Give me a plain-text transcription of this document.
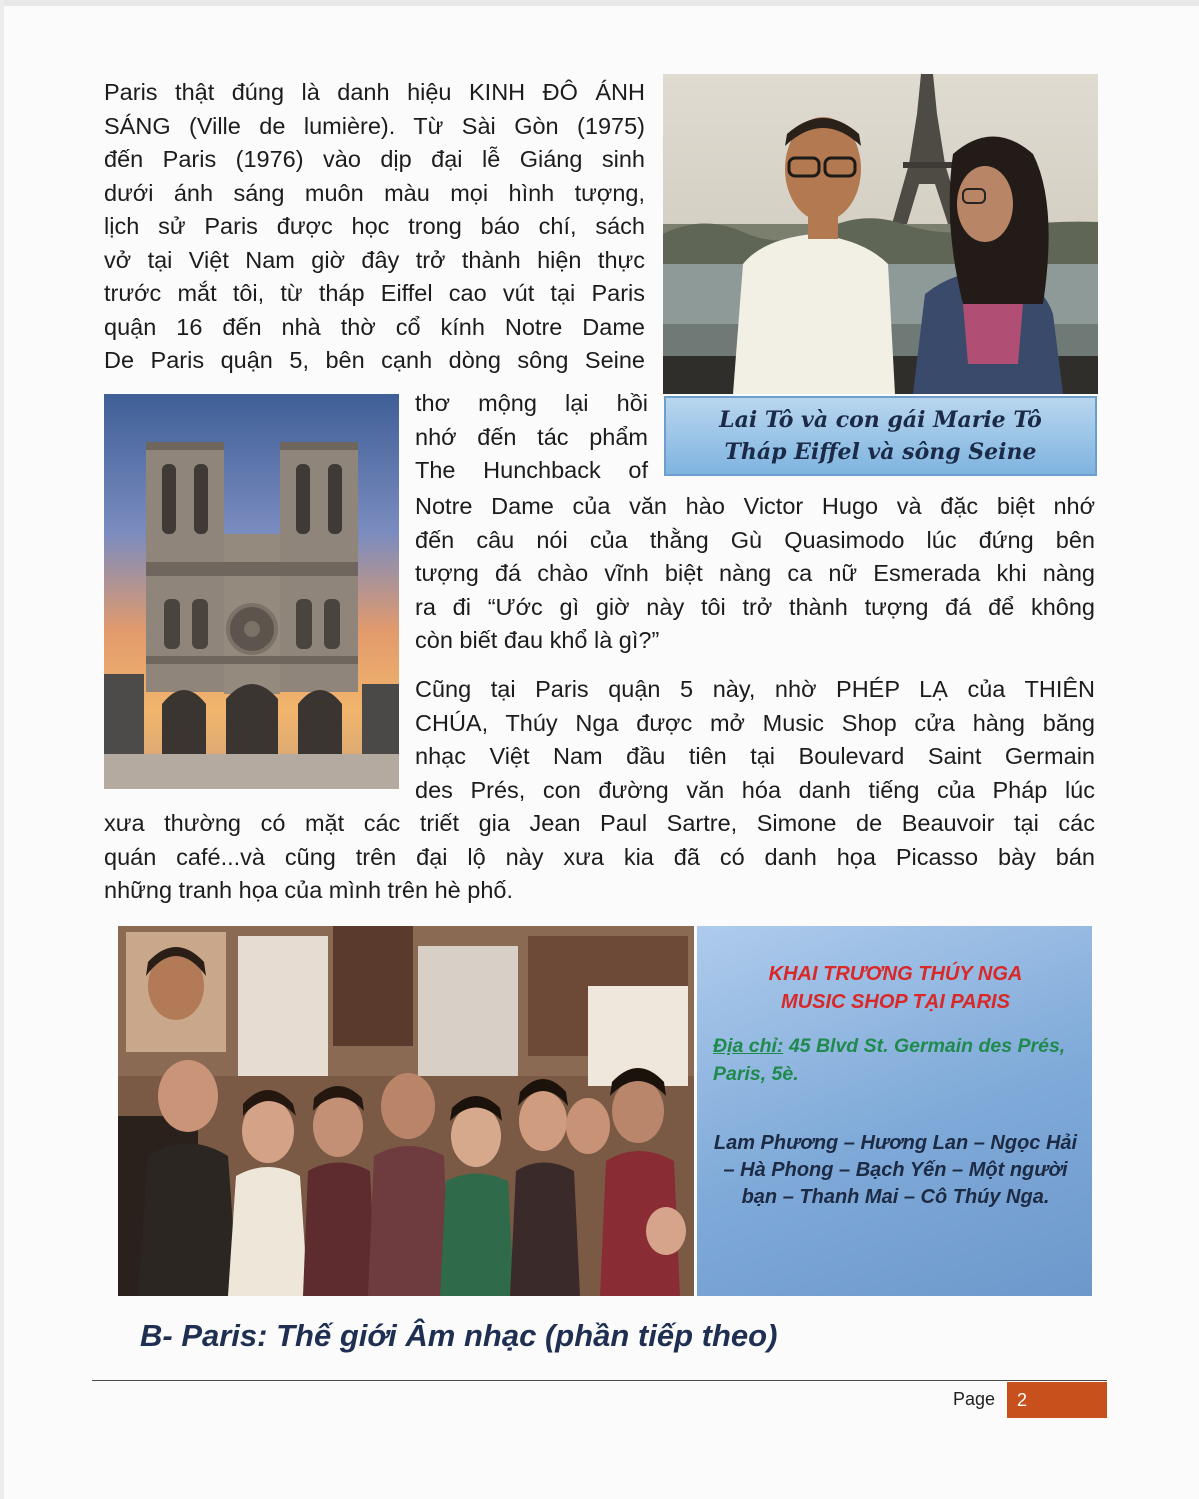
Paris thật đúng là danh hiệu KINH ĐÔ ÁNH
SÁNG (Ville de lumière). Từ Sài Gòn (1975)
đến Paris (1976) vào dịp đại lễ Giáng sinh
dưới ánh sáng muôn màu mọi hình tượng,
lịch sử Paris được học trong báo chí, sách
vở tại Việt Nam giờ đây trở thành hiện thực
trước mắt tôi, từ tháp Eiffel cao vút tại Paris
quận 16 đến nhà thờ cổ kính Notre Dame
De Paris quận 5, bên cạnh dòng sông Seine
Lai Tô và con gái Marie Tô
Tháp Eiffel và sông Seine
thơ mộng lại hồi
nhớ đến tác phẩm
The Hunchback of
Notre Dame của văn hào Victor Hugo và đặc biệt nhớ
đến câu nói của thằng Gù Quasimodo lúc đứng bên
tượng đá chào vĩnh biệt nàng ca nữ Esmerada khi nàng
ra đi “Ước gì giờ này tôi trở thành tượng đá để không
còn biết đau khổ là gì?”
Cũng tại Paris quận 5 này, nhờ PHÉP LẠ của THIÊN
CHÚA, Thúy Nga được mở Music Shop cửa hàng băng
nhạc Việt Nam đầu tiên tại Boulevard Saint Germain
des Prés, con đường văn hóa danh tiếng của Pháp lúc
xưa thường có mặt các triết gia Jean Paul Sartre, Simone de Beauvoir tại các
quán café...và cũng trên đại lộ này xưa kia đã có danh họa Picasso bày bán
những tranh họa của mình trên hè phố.

KHAI TRƯƠNG THÚY NGA
MUSIC SHOP TẠI PARIS

Địa chỉ: 45 Blvd St. Germain des Prés, Paris, 5è.

Lam Phương – Hương Lan – Ngọc Hải – Hà Phong – Bạch Yến – Một người bạn – Thanh Mai – Cô Thúy Nga.

B- Paris: Thế giới Âm nhạc (phần tiếp theo)

Page	2
